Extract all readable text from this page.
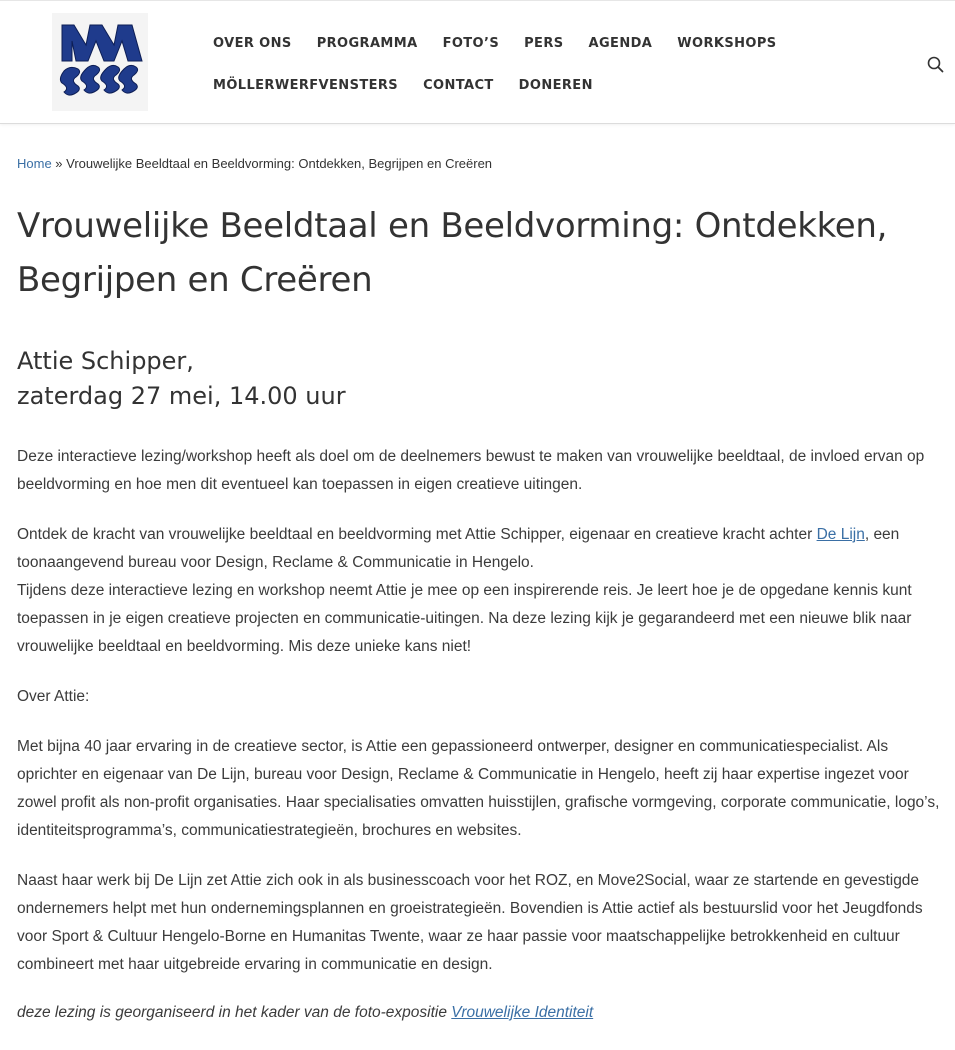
OVER ONS PROGRAMMA FOTO’S PERS AGENDA WORKSHOPS
MÖLLERWERFVENSTERS CONTACT DONEREN
Home » Vrouwelijke Beeldtaal en Beeldvorming: Ontdekken, Begrijpen en Creëren
Vrouwelijke Beeldtaal en Beeldvorming: Ontdekken,
Begrijpen en Creëren
Attie Schipper,
zaterdag 27 mei, 14.00 uur

Deze interactieve lezing/workshop heeft als doel om de deelnemers bewust te maken van vrouwelijke beeldtaal, de invloed ervan op beeldvorming en hoe men dit eventueel kan toepassen in eigen creatieve uitingen.

Ontdek de kracht van vrouwelijke beeldtaal en beeldvorming met Attie Schipper, eigenaar en creatieve kracht achter De Lijn, een toonaangevend bureau voor Design, Reclame & Communicatie in Hengelo.
Tijdens deze interactieve lezing en workshop neemt Attie je mee op een inspirerende reis. Je leert hoe je de opgedane kennis kunt toepassen in je eigen creatieve projecten en communicatie-uitingen. Na deze lezing kijk je gegarandeerd met een nieuwe blik naar vrouwelijke beeldtaal en beeldvorming. Mis deze unieke kans niet!

Over Attie:

Met bijna 40 jaar ervaring in de creatieve sector, is Attie een gepassioneerd ontwerper, designer en communicatiespecialist. Als oprichter en eigenaar van De Lijn, bureau voor Design, Reclame & Communicatie in Hengelo, heeft zij haar expertise ingezet voor zowel profit als non-profit organisaties. Haar specialisaties omvatten huisstijlen, grafische vormgeving, corporate communicatie, logo’s, identiteitsprogramma’s, communicatiestrategieën, brochures en websites.

Naast haar werk bij De Lijn zet Attie zich ook in als businesscoach voor het ROZ, en Move2Social, waar ze startende en gevestigde ondernemers helpt met hun ondernemingsplannen en groeistrategieën. Bovendien is Attie actief als bestuurslid voor het Jeugdfonds voor Sport & Cultuur Hengelo-Borne en Humanitas Twente, waar ze haar passie voor maatschappelijke betrokkenheid en cultuur combineert met haar uitgebreide ervaring in communicatie en design.

deze lezing is georganiseerd in het kader van de foto-expositie Vrouwelijke Identiteit
